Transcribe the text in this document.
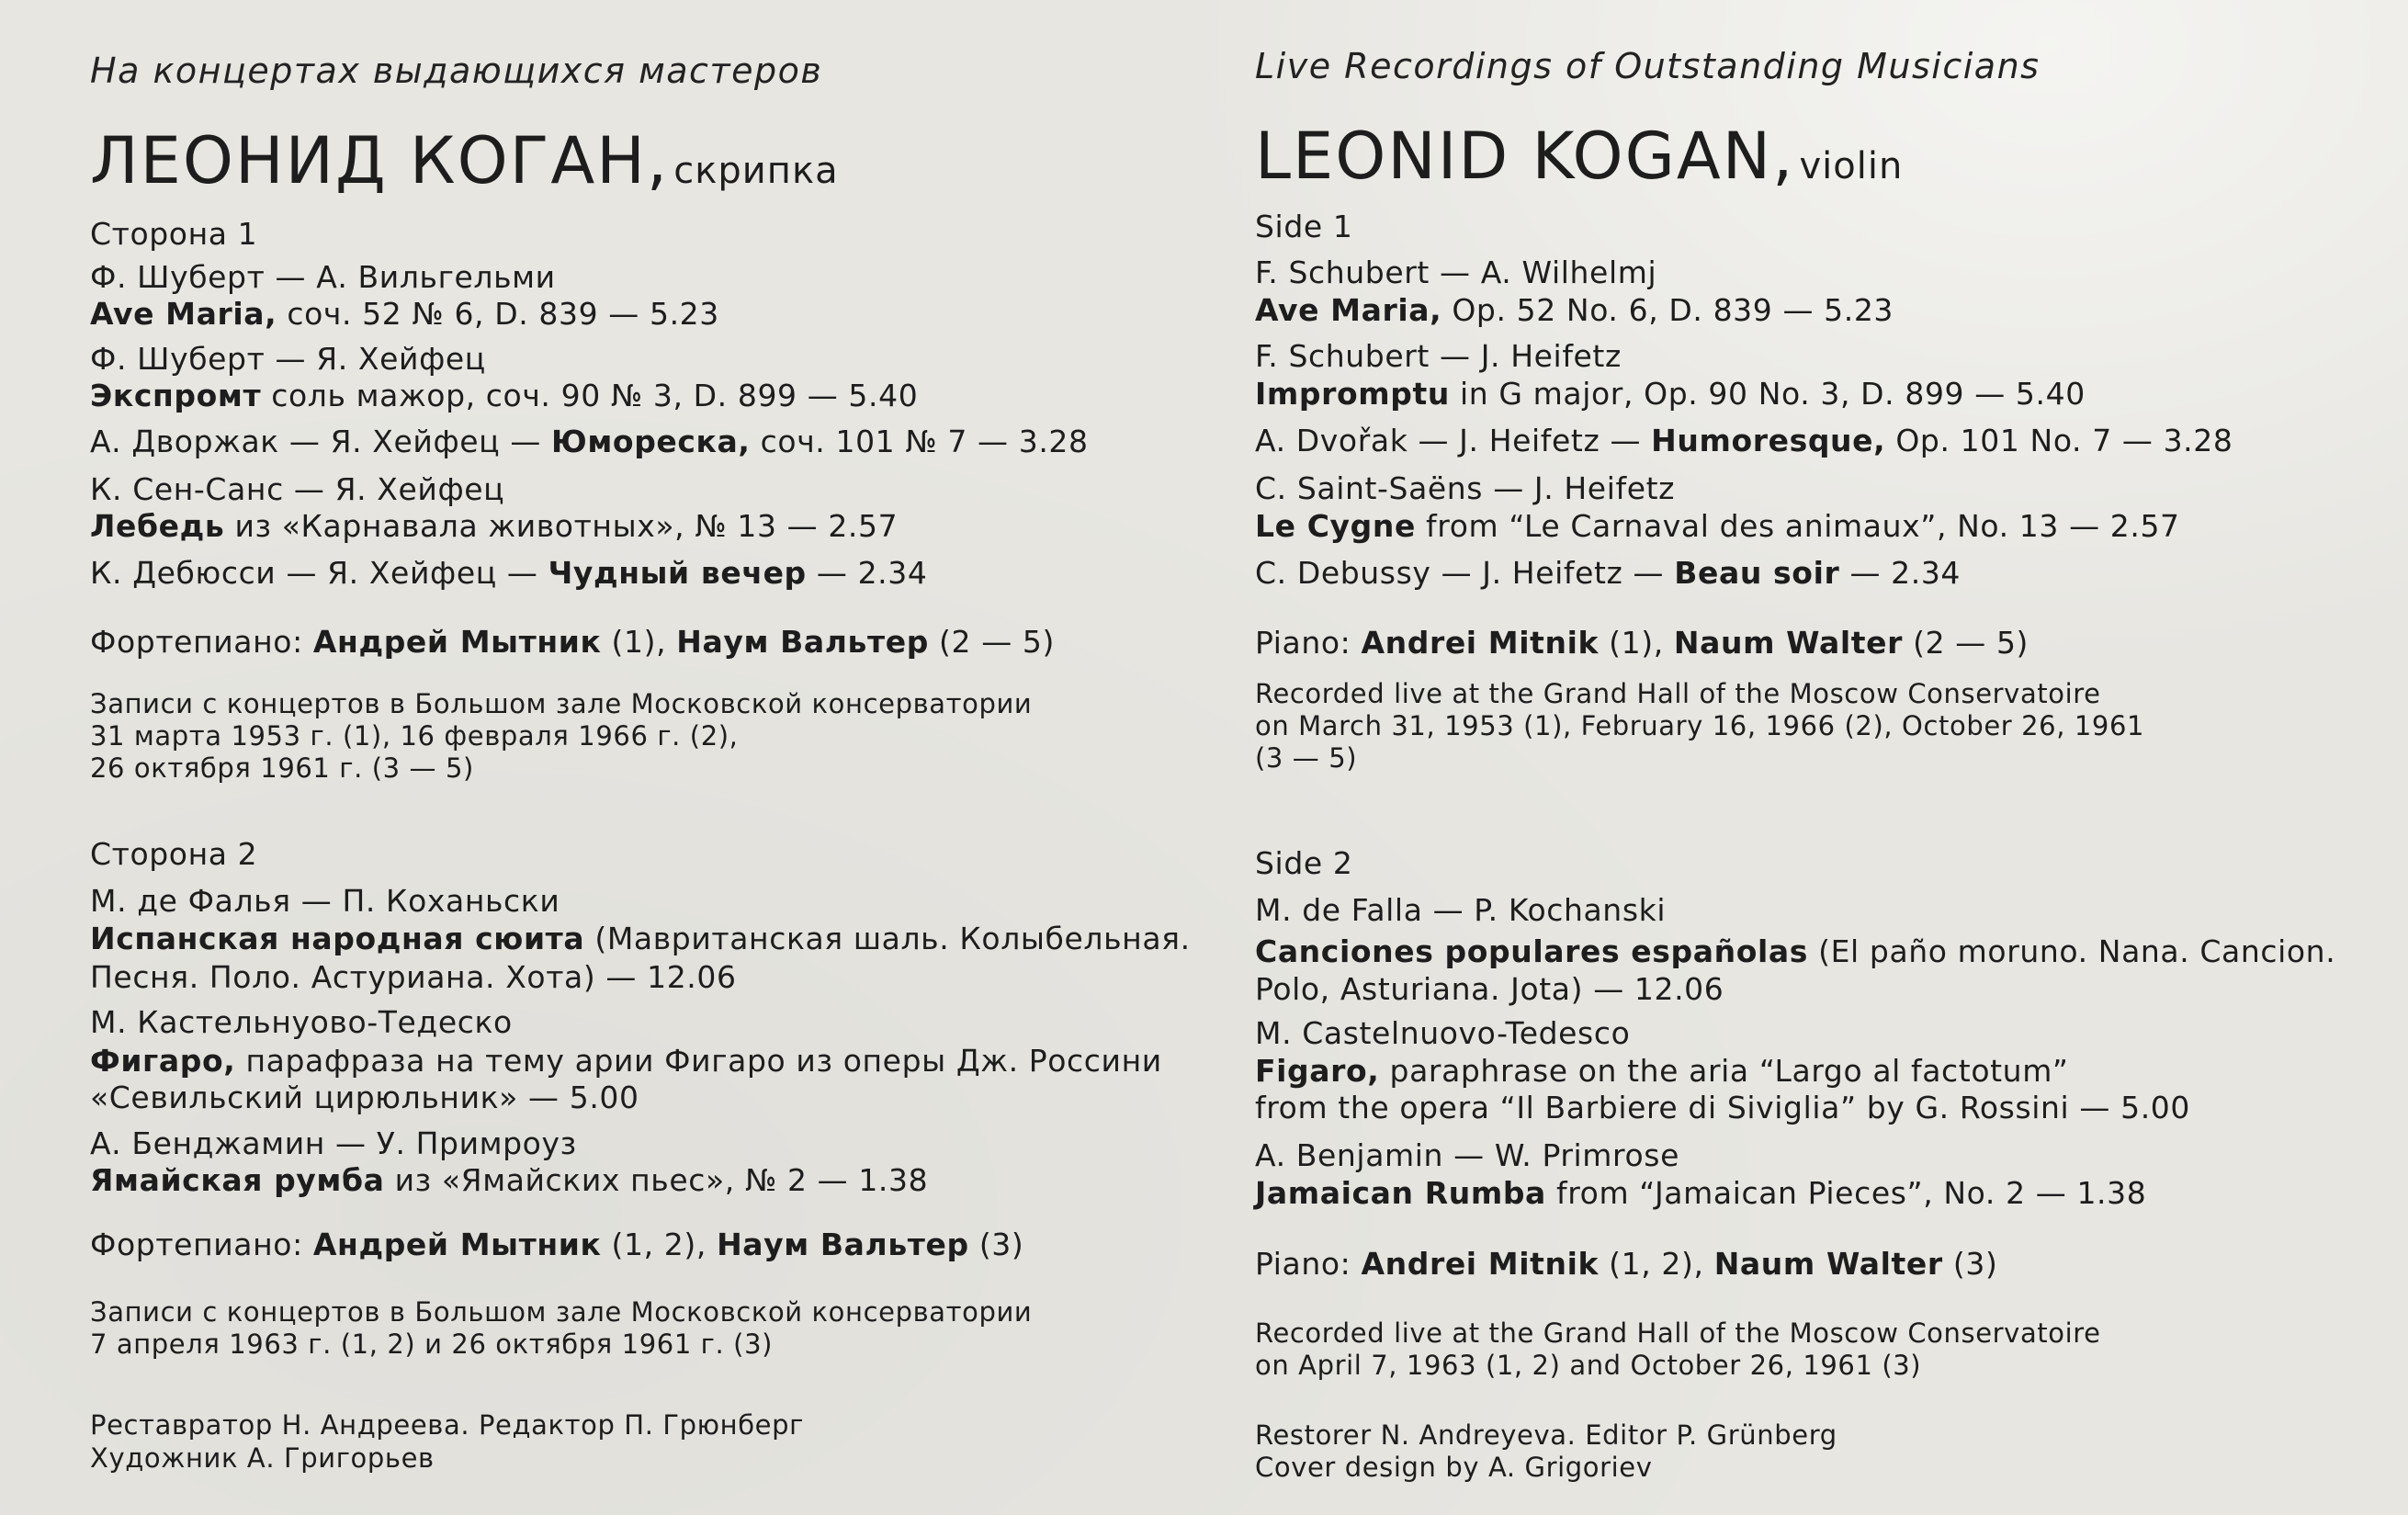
На концертах выдающихся мастеров
ЛЕОНИД КОГАН, скрипка
Сторона 1
Ф. Шуберт — А. Вильгельми
Ave Maria, соч. 52 № 6, D. 839 — 5.23
Ф. Шуберт — Я. Хейфец
Экспромт соль мажор, соч. 90 № 3, D. 899 — 5.40
А. Дворжак — Я. Хейфец — Юмореска, соч. 101 № 7 — 3.28
К. Сен-Санс — Я. Хейфец
Лебедь из «Карнавала животных», № 13 — 2.57
К. Дебюсси — Я. Хейфец — Чудный вечер — 2.34
Фортепиано: Андрей Мытник (1), Наум Вальтер (2 — 5)
Записи с концертов в Большом зале Московской консерватории
31 марта 1953 г. (1), 16 февраля 1966 г. (2),
26 октября 1961 г. (3 — 5)
Сторона 2
М. де Фалья — П. Коханьски
Испанская народная сюита (Мавританская шаль. Колыбельная.
Песня. Поло. Астуриана. Хота) — 12.06
М. Кастельнуово-Тедеско
Фигаро, парафраза на тему арии Фигаро из оперы Дж. Россини
«Севильский цирюльник» — 5.00
А. Бенджамин — У. Примроуз
Ямайская румба из «Ямайских пьес», № 2 — 1.38
Фортепиано: Андрей Мытник (1, 2), Наум Вальтер (3)
Записи с концертов в Большом зале Московской консерватории
7 апреля 1963 г. (1, 2) и 26 октября 1961 г. (3)
Реставратор Н. Андреева. Редактор П. Грюнберг
Художник А. Григорьев
Live Recordings of Outstanding Musicians
LEONID KOGAN, violin
Side 1
F. Schubert — A. Wilhelmj
Ave Maria, Op. 52 No. 6, D. 839 — 5.23
F. Schubert — J. Heifetz
Impromptu in G major, Op. 90 No. 3, D. 899 — 5.40
A. Dvořak — J. Heifetz — Humoresque, Op. 101 No. 7 — 3.28
C. Saint-Saëns — J. Heifetz
Le Cygne from “Le Carnaval des animaux”, No. 13 — 2.57
C. Debussy — J. Heifetz — Beau soir — 2.34
Piano: Andrei Mitnik (1), Naum Walter (2 — 5)
Recorded live at the Grand Hall of the Moscow Conservatoire
on March 31, 1953 (1), February 16, 1966 (2), October 26, 1961
(3 — 5)
Side 2
M. de Falla — P. Kochanski
Canciones populares españolas (El paño moruno. Nana. Cancion.
Polo, Asturiana. Jota) — 12.06
M. Castelnuovo-Tedesco
Figaro, paraphrase on the aria “Largo al factotum”
from the opera “Il Barbiere di Siviglia” by G. Rossini — 5.00
A. Benjamin — W. Primrose
Jamaican Rumba from “Jamaican Pieces”, No. 2 — 1.38
Piano: Andrei Mitnik (1, 2), Naum Walter (3)
Recorded live at the Grand Hall of the Moscow Conservatoire
on April 7, 1963 (1, 2) and October 26, 1961 (3)
Restorer N. Andreyeva. Editor P. Grünberg
Cover design by A. Grigoriev
